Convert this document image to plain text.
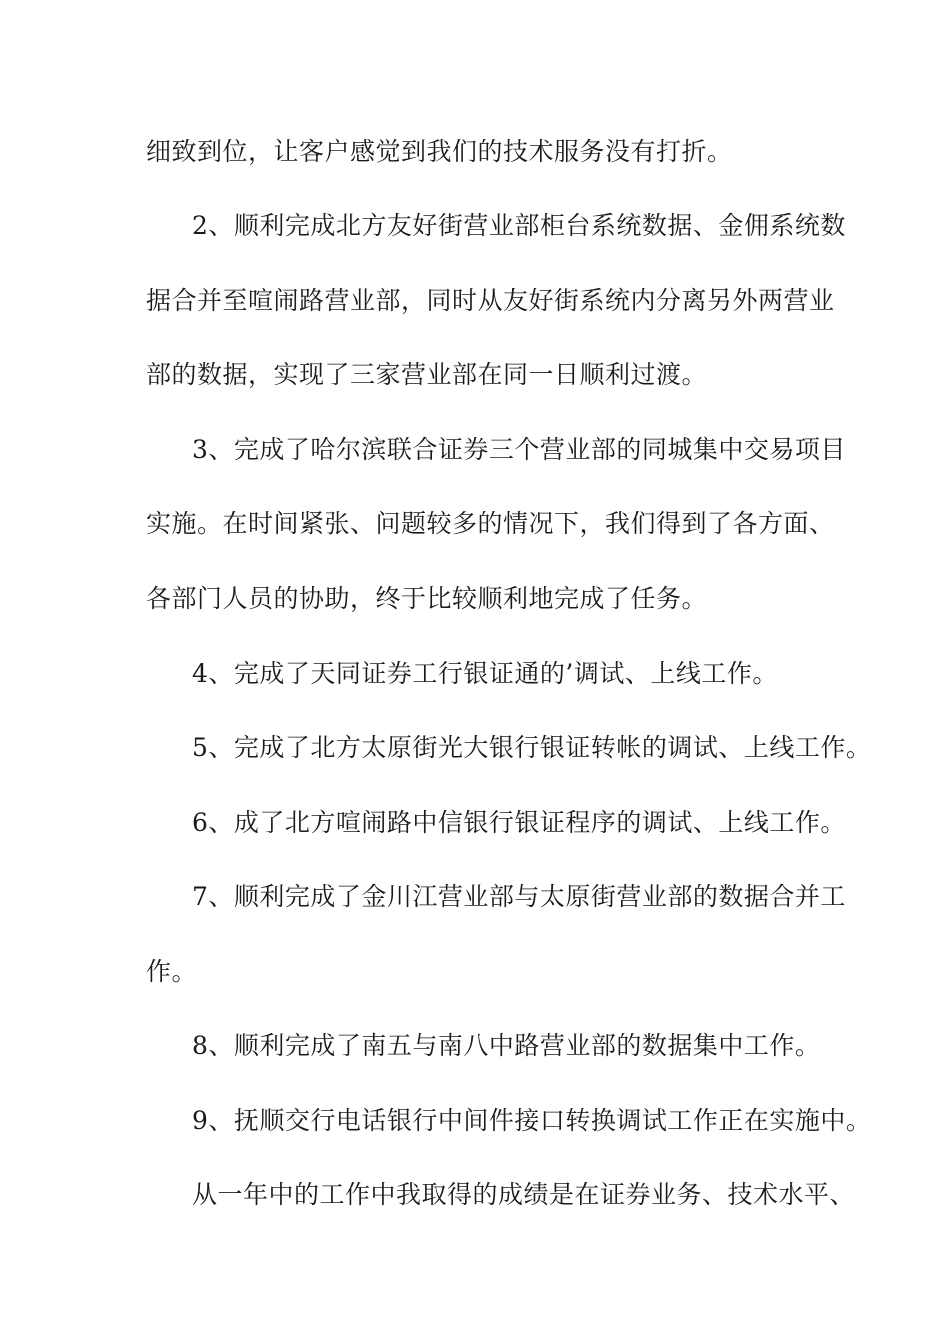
细致到位，让客户感觉到我们的技术服务没有打折。
2、顺利完成北方友好街营业部柜台系统数据、金佣系统数
据合并至喧闹路营业部，同时从友好街系统内分离另外两营业
部的数据，实现了三家营业部在同一日顺利过渡。
3、完成了哈尔滨联合证券三个营业部的同城集中交易项目
实施。在时间紧张、问题较多的情况下，我们得到了各方面、
各部门人员的协助，终于比较顺利地完成了任务。
4、完成了天同证券工行银证通的’调试、上线工作。
5、完成了北方太原街光大银行银证转帐的调试、上线工作。
6、成了北方喧闹路中信银行银证程序的调试、上线工作。
7、顺利完成了金川江营业部与太原街营业部的数据合并工
作。
8、顺利完成了南五与南八中路营业部的数据集中工作。
9、抚顺交行电话银行中间件接口转换调试工作正在实施中。
从一年中的工作中我取得的成绩是在证券业务、技术水平、
